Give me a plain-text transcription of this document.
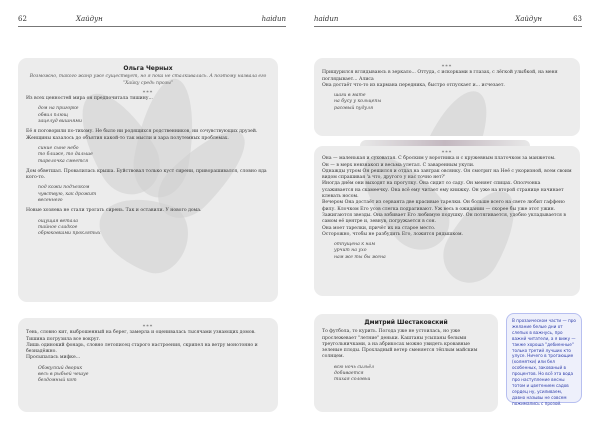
62	Хайдун	haidun

Ольга Черных

Возможно, такого жанр уже существует, но я пока не сталкивалась. А поэтому назвала его

“Хайку средь прозы”

***

Из всех ценностей мира он предпочитала тишину...

дом на пригорке

обвил плющ

зацелуд вишнями

Её я поговорили по-тихому. Не было ни родящихся родственников, ни сочувствующих друзей. Женщины казалось до объятия какой-то так мысли и зара полутемных проблемах.

синие сыне небо

то ближе, то дальше

тарелочка смеется

Дом обветшал. Провалилась крыша. Буйствовал только куст сирени, приворашивался, словно яда кого-то.

под кожи подъезком

чувствую, как дрожит

весеннего

Новые хозяева не стали трогать сирень. Так и оставили. У нового дома.

ощущая ветала

тайное сладкое

обрюковками проклятых

***

Тень, словно кит, выброшенный на берег, замерла и оценивалась тысячами узнающих домов. Тишина погрузила все вокруг.

Лишь одинокий фонарь, словно летописец старого настроения, скрипел на ветру монотонно и безнадёжно.

Просыпалась мифке...

Обжуский дворик

весь в рыбьей чешуе

бездомный кот

haidun	Хайдун	63

***

Прищурился вглядываюсь в зеркало... Оттуда, с искорками в глазах, с лёгкой улыбкой, на меня поглядывает... Алиса

Она достаёт что-то из кармана передника, быстро отпускает и... исчезает.

шаги в мате

на бусу у кольцепы

расовый пудуля

***

Она — маленькая и суховатая. С броским у воротника и с кружевным платочком за манжетом.

Он — в мерх невзнакоп и весьма улетал. С заваренным укули.

Однажды утром Он решился и отдал на завтрак овсянку. Он смотрит на Неё с укоризной, всем своим видом спрашивая 'а что, другого у нас точно нет?'

Иногда днём они выходят на прогулку. Она сидит со саду. Он меняет спицах. Ополчонка усаживается на скамеечку. Она всё ему читает ему книжку. Он уже на второй странице начинает клевать носом.

Вечером Она достаёт из серванта две красивые тарелки. Он больше всего на свете любит гаффено филу. Клочком Его усов слегка подрагивают. Уж весь в ожидании — скорее бы уже этот ужин.

Зажигаются звезды. Она взбивает Его любимую подушку. Он потягивается, удобно укладывается в самом её центре и, зевнув, погружается в сон.

Она моет тарелки, причёт их на старое место.

Осторожно, чтобы не разбудить Его, ложится рядышком.

отпущена к нам

урчит на ухо

нам же ты бы жена

Дмитрий Шестаковский

То футбола, то курить. Погода уже не устоилась, но уже прослежевает "летние" деньки. Каштаны усыпаны белыми треугольничками, а на абрикосах можно увидеть кровавные зеленые плоды. Прохладный ветер сменяется тёплым майским солнцем.

всю ночь сильёл

добивается

тихая соловьи

В прозаическом части — про желание белые дни от слепых в важнусь, про важнй читатели, а я вижу — также хороша "дебиенные" только третий лучших кто улусе. Ничего в трогающие (холмятки) или бел особенных, закованый в процентов. Но всё эта вода про наступление весны тотом и цветением садов сердец ну, усиливаем, давно назывы не совсем пожимались с прозой.
